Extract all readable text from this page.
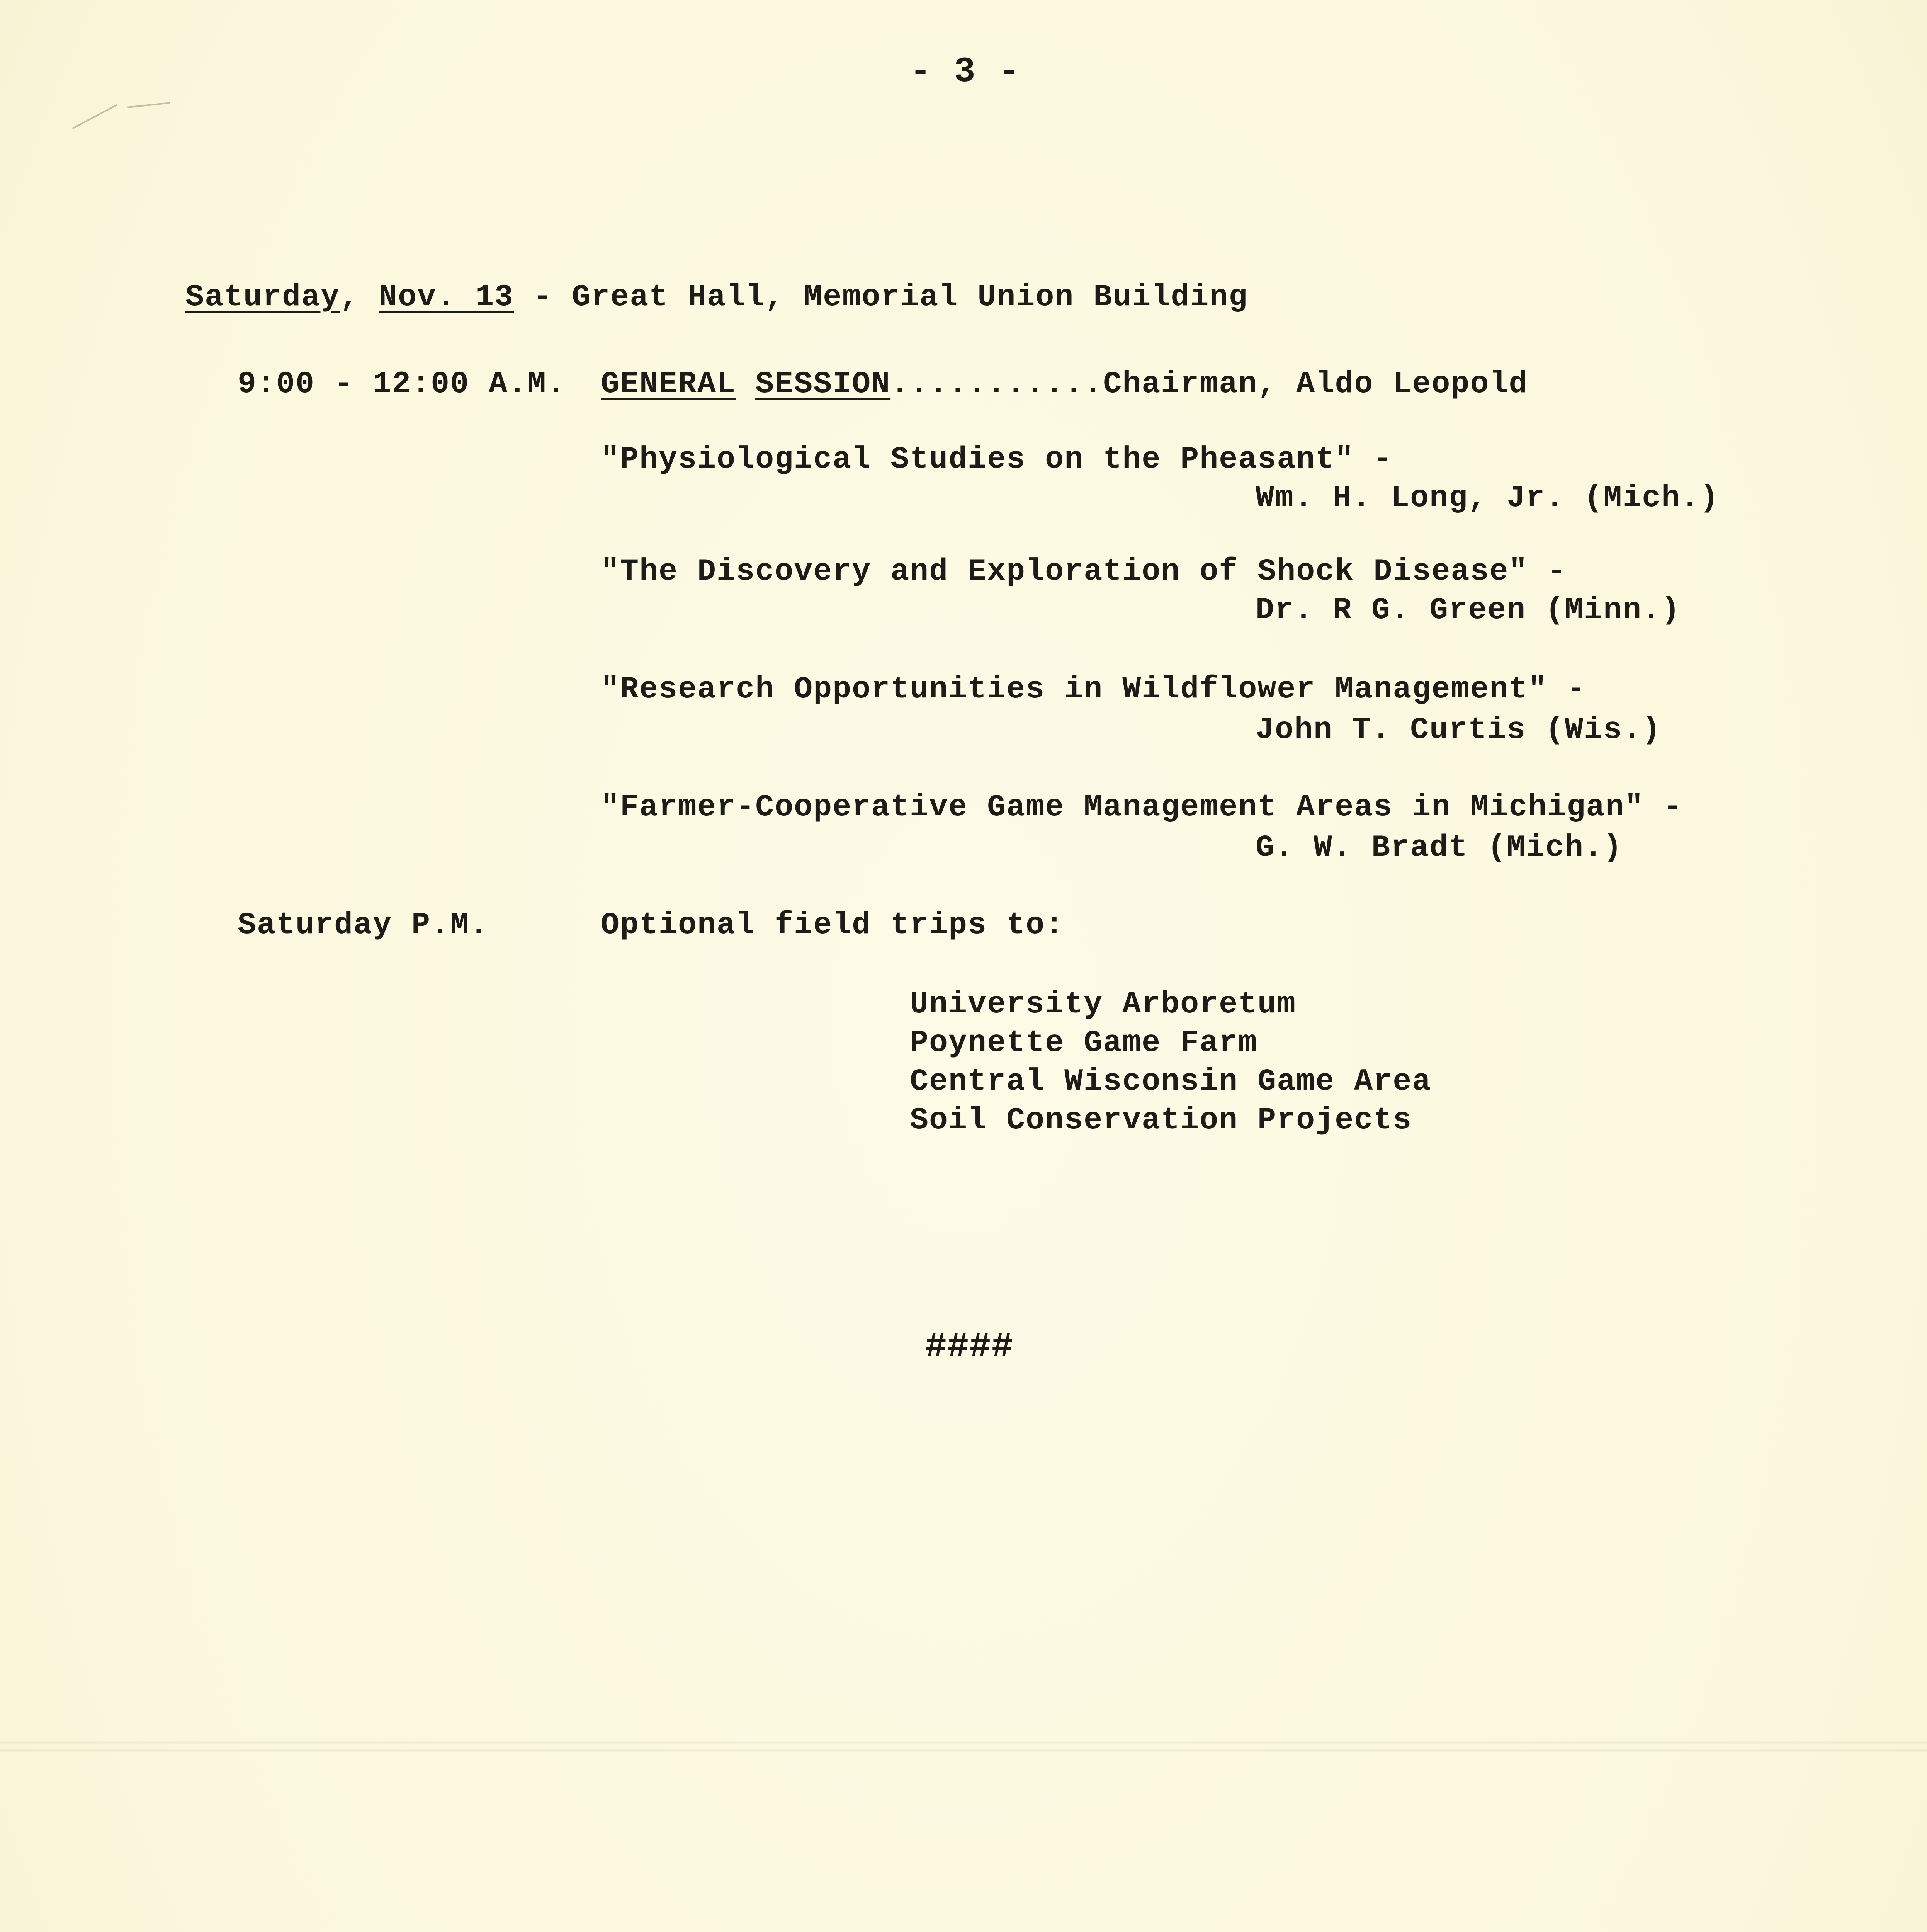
- 3 -
Saturday, Nov. 13 - Great Hall, Memorial Union Building
9:00 - 12:00 A.M. GENERAL SESSION...........Chairman, Aldo Leopold
"Physiological Studies on the Pheasant" -
Wm. H. Long, Jr. (Mich.)
"The Discovery and Exploration of Shock Disease" -
Dr. R G. Green (Minn.)
"Research Opportunities in Wildflower Management" -
John T. Curtis (Wis.)
"Farmer-Cooperative Game Management Areas in Michigan" -
G. W. Bradt (Mich.)
Saturday P.M.	Optional field trips to:
University Arboretum
Poynette Game Farm
Central Wisconsin Game Area
Soil Conservation Projects
####
